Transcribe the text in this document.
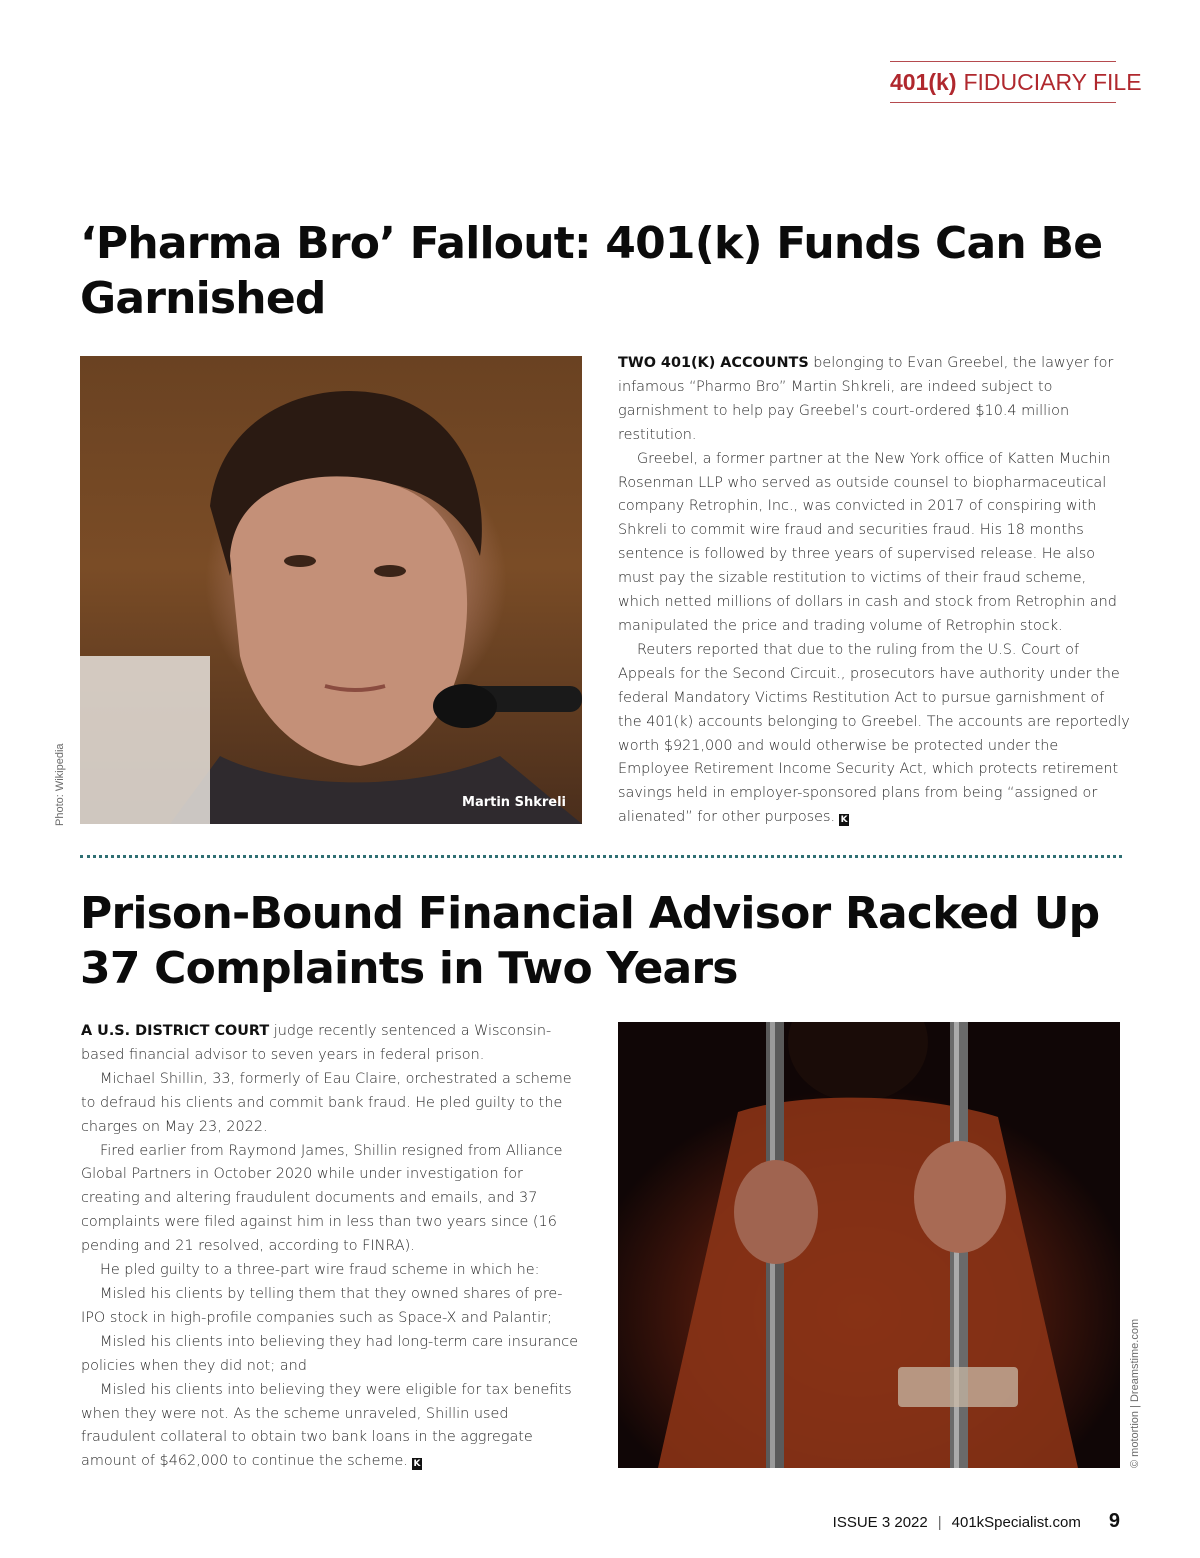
401(k) FIDUCIARY FILE
‘Pharma Bro’ Fallout: 401(k) Funds Can Be Garnished
Martin Shkreli
Photo: Wikipedia

TWO 401(K) ACCOUNTS belonging to Evan Greebel, the lawyer for infamous “Pharmo Bro” Martin Shkreli, are indeed subject to garnishment to help pay Greebel’s court-ordered $10.4 million restitution.

Greebel, a former partner at the New York office of Katten Muchin Rosenman LLP who served as outside counsel to biopharmaceutical company Retrophin, Inc., was convicted in 2017 of conspiring with Shkreli to commit wire fraud and securities fraud. His 18 months sentence is followed by three years of supervised release. He also must pay the sizable restitution to victims of their fraud scheme, which netted millions of dollars in cash and stock from Retrophin and manipulated the price and trading volume of Retrophin stock.

Reuters reported that due to the ruling from the U.S. Court of Appeals for the Second Circuit., prosecutors have authority under the federal Mandatory Victims Restitution Act to pursue garnishment of the 401(k) accounts belonging to Greebel. The accounts are reportedly worth $921,000 and would otherwise be protected under the Employee Retirement Income Security Act, which protects retirement savings held in employer-sponsored plans from being “assigned or alienated” for other purposes. K

Prison-Bound Financial Advisor Racked Up 37 Complaints in Two Years

A U.S. DISTRICT COURT judge recently sentenced a Wisconsin-based financial advisor to seven years in federal prison.

Michael Shillin, 33, formerly of Eau Claire, orchestrated a scheme to defraud his clients and commit bank fraud. He pled guilty to the charges on May 23, 2022.

Fired earlier from Raymond James, Shillin resigned from Alliance Global Partners in October 2020 while under investigation for creating and altering fraudulent documents and emails, and 37 complaints were filed against him in less than two years since (16 pending and 21 resolved, according to FINRA).

He pled guilty to a three-part wire fraud scheme in which he:

Misled his clients by telling them that they owned shares of pre-IPO stock in high-profile companies such as Space-X and Palantir;

Misled his clients into believing they had long-term care insurance policies when they did not; and

Misled his clients into believing they were eligible for tax benefits when they were not. As the scheme unraveled, Shillin used fraudulent collateral to obtain two bank loans in the aggregate amount of $462,000 to continue the scheme. K	© motortion | Dreamstime.com
ISSUE 3 2022 | 401kSpecialist.com 9
